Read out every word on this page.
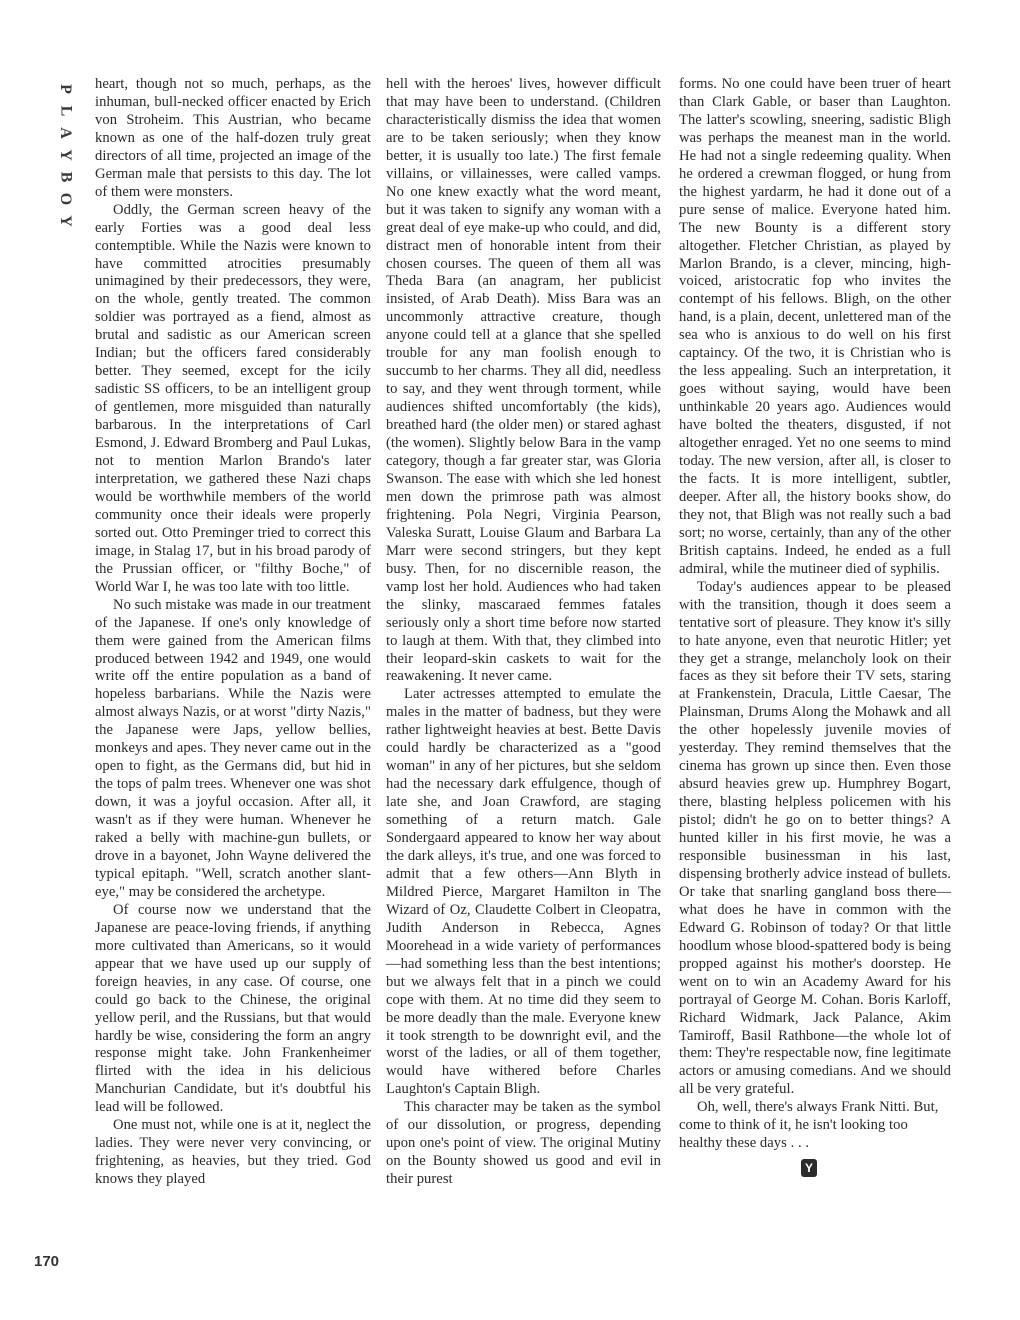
P
L
A
Y
B
O
Y

heart, though not so much, perhaps, as the inhuman, bull-necked officer enacted by Erich von Stroheim. This Austrian, who became known as one of the half-dozen truly great directors of all time, projected an image of the German male that persists to this day. The lot of them were monsters.

Oddly, the German screen heavy of the early Forties was a good deal less contemptible. While the Nazis were known to have committed atrocities presumably unimagined by their predecessors, they were, on the whole, gently treated. The common soldier was portrayed as a fiend, almost as brutal and sadistic as our American screen Indian; but the officers fared considerably better. They seemed, except for the icily sadistic SS officers, to be an intelligent group of gentlemen, more misguided than naturally barbarous. In the interpretations of Carl Esmond, J. Edward Bromberg and Paul Lukas, not to mention Marlon Brando's later interpretation, we gathered these Nazi chaps would be worthwhile members of the world community once their ideals were properly sorted out. Otto Preminger tried to correct this image, in Stalag 17, but in his broad parody of the Prussian officer, or "filthy Boche," of World War I, he was too late with too little.

No such mistake was made in our treatment of the Japanese. If one's only knowledge of them were gained from the American films produced between 1942 and 1949, one would write off the entire population as a band of hopeless barbarians. While the Nazis were almost always Nazis, or at worst "dirty Nazis," the Japanese were Japs, yellow bellies, monkeys and apes. They never came out in the open to fight, as the Germans did, but hid in the tops of palm trees. Whenever one was shot down, it was a joyful occasion. After all, it wasn't as if they were human. Whenever he raked a belly with machine-gun bullets, or drove in a bayonet, John Wayne delivered the typical epitaph. "Well, scratch another slant-eye," may be considered the archetype.

Of course now we understand that the Japanese are peace-loving friends, if anything more cultivated than Americans, so it would appear that we have used up our supply of foreign heavies, in any case. Of course, one could go back to the Chinese, the original yellow peril, and the Russians, but that would hardly be wise, considering the form an angry response might take. John Frankenheimer flirted with the idea in his delicious Manchurian Candidate, but it's doubtful his lead will be followed.

One must not, while one is at it, neglect the ladies. They were never very convincing, or frightening, as heavies, but they tried. God knows they played

hell with the heroes' lives, however difficult that may have been to understand. (Children characteristically dismiss the idea that women are to be taken seriously; when they know better, it is usually too late.) The first female villains, or villainesses, were called vamps. No one knew exactly what the word meant, but it was taken to signify any woman with a great deal of eye make-up who could, and did, distract men of honorable intent from their chosen courses. The queen of them all was Theda Bara (an anagram, her publicist insisted, of Arab Death). Miss Bara was an uncommonly attractive creature, though anyone could tell at a glance that she spelled trouble for any man foolish enough to succumb to her charms. They all did, needless to say, and they went through torment, while audiences shifted uncomfortably (the kids), breathed hard (the older men) or stared aghast (the women). Slightly below Bara in the vamp category, though a far greater star, was Gloria Swanson. The ease with which she led honest men down the primrose path was almost frightening. Pola Negri, Virginia Pearson, Valeska Suratt, Louise Glaum and Barbara La Marr were second stringers, but they kept busy. Then, for no discernible reason, the vamp lost her hold. Audiences who had taken the slinky, mascaraed femmes fatales seriously only a short time before now started to laugh at them. With that, they climbed into their leopard-skin caskets to wait for the reawakening. It never came.

Later actresses attempted to emulate the males in the matter of badness, but they were rather lightweight heavies at best. Bette Davis could hardly be characterized as a "good woman" in any of her pictures, but she seldom had the necessary dark effulgence, though of late she, and Joan Crawford, are staging something of a return match. Gale Sondergaard appeared to know her way about the dark alleys, it's true, and one was forced to admit that a few others—Ann Blyth in Mildred Pierce, Margaret Hamilton in The Wizard of Oz, Claudette Colbert in Cleopatra, Judith Anderson in Rebecca, Agnes Moorehead in a wide variety of performances—had something less than the best intentions; but we always felt that in a pinch we could cope with them. At no time did they seem to be more deadly than the male. Everyone knew it took strength to be downright evil, and the worst of the ladies, or all of them together, would have withered before Charles Laughton's Captain Bligh.

This character may be taken as the symbol of our dissolution, or progress, depending upon one's point of view. The original Mutiny on the Bounty showed us good and evil in their purest

forms. No one could have been truer of heart than Clark Gable, or baser than Laughton. The latter's scowling, sneering, sadistic Bligh was perhaps the meanest man in the world. He had not a single redeeming quality. When he ordered a crewman flogged, or hung from the highest yardarm, he had it done out of a pure sense of malice. Everyone hated him. The new Bounty is a different story altogether. Fletcher Christian, as played by Marlon Brando, is a clever, mincing, high-voiced, aristocratic fop who invites the contempt of his fellows. Bligh, on the other hand, is a plain, decent, unlettered man of the sea who is anxious to do well on his first captaincy. Of the two, it is Christian who is the less appealing. Such an interpretation, it goes without saying, would have been unthinkable 20 years ago. Audiences would have bolted the theaters, disgusted, if not altogether enraged. Yet no one seems to mind today. The new version, after all, is closer to the facts. It is more intelligent, subtler, deeper. After all, the history books show, do they not, that Bligh was not really such a bad sort; no worse, certainly, than any of the other British captains. Indeed, he ended as a full admiral, while the mutineer died of syphilis.

Today's audiences appear to be pleased with the transition, though it does seem a tentative sort of pleasure. They know it's silly to hate anyone, even that neurotic Hitler; yet they get a strange, melancholy look on their faces as they sit before their TV sets, staring at Frankenstein, Dracula, Little Caesar, The Plainsman, Drums Along the Mohawk and all the other hopelessly juvenile movies of yesterday. They remind themselves that the cinema has grown up since then. Even those absurd heavies grew up. Humphrey Bogart, there, blasting helpless policemen with his pistol; didn't he go on to better things? A hunted killer in his first movie, he was a responsible businessman in his last, dispensing brotherly advice instead of bullets. Or take that snarling gangland boss there—what does he have in common with the Edward G. Robinson of today? Or that little hoodlum whose blood-spattered body is being propped against his mother's doorstep. He went on to win an Academy Award for his portrayal of George M. Cohan. Boris Karloff, Richard Widmark, Jack Palance, Akim Tamiroff, Basil Rathbone—the whole lot of them: They're respectable now, fine legitimate actors or amusing comedians. And we should all be very grateful.

Oh, well, there's always Frank Nitti. But, come to think of it, he isn't looking too healthy these days . . .

Y
170
